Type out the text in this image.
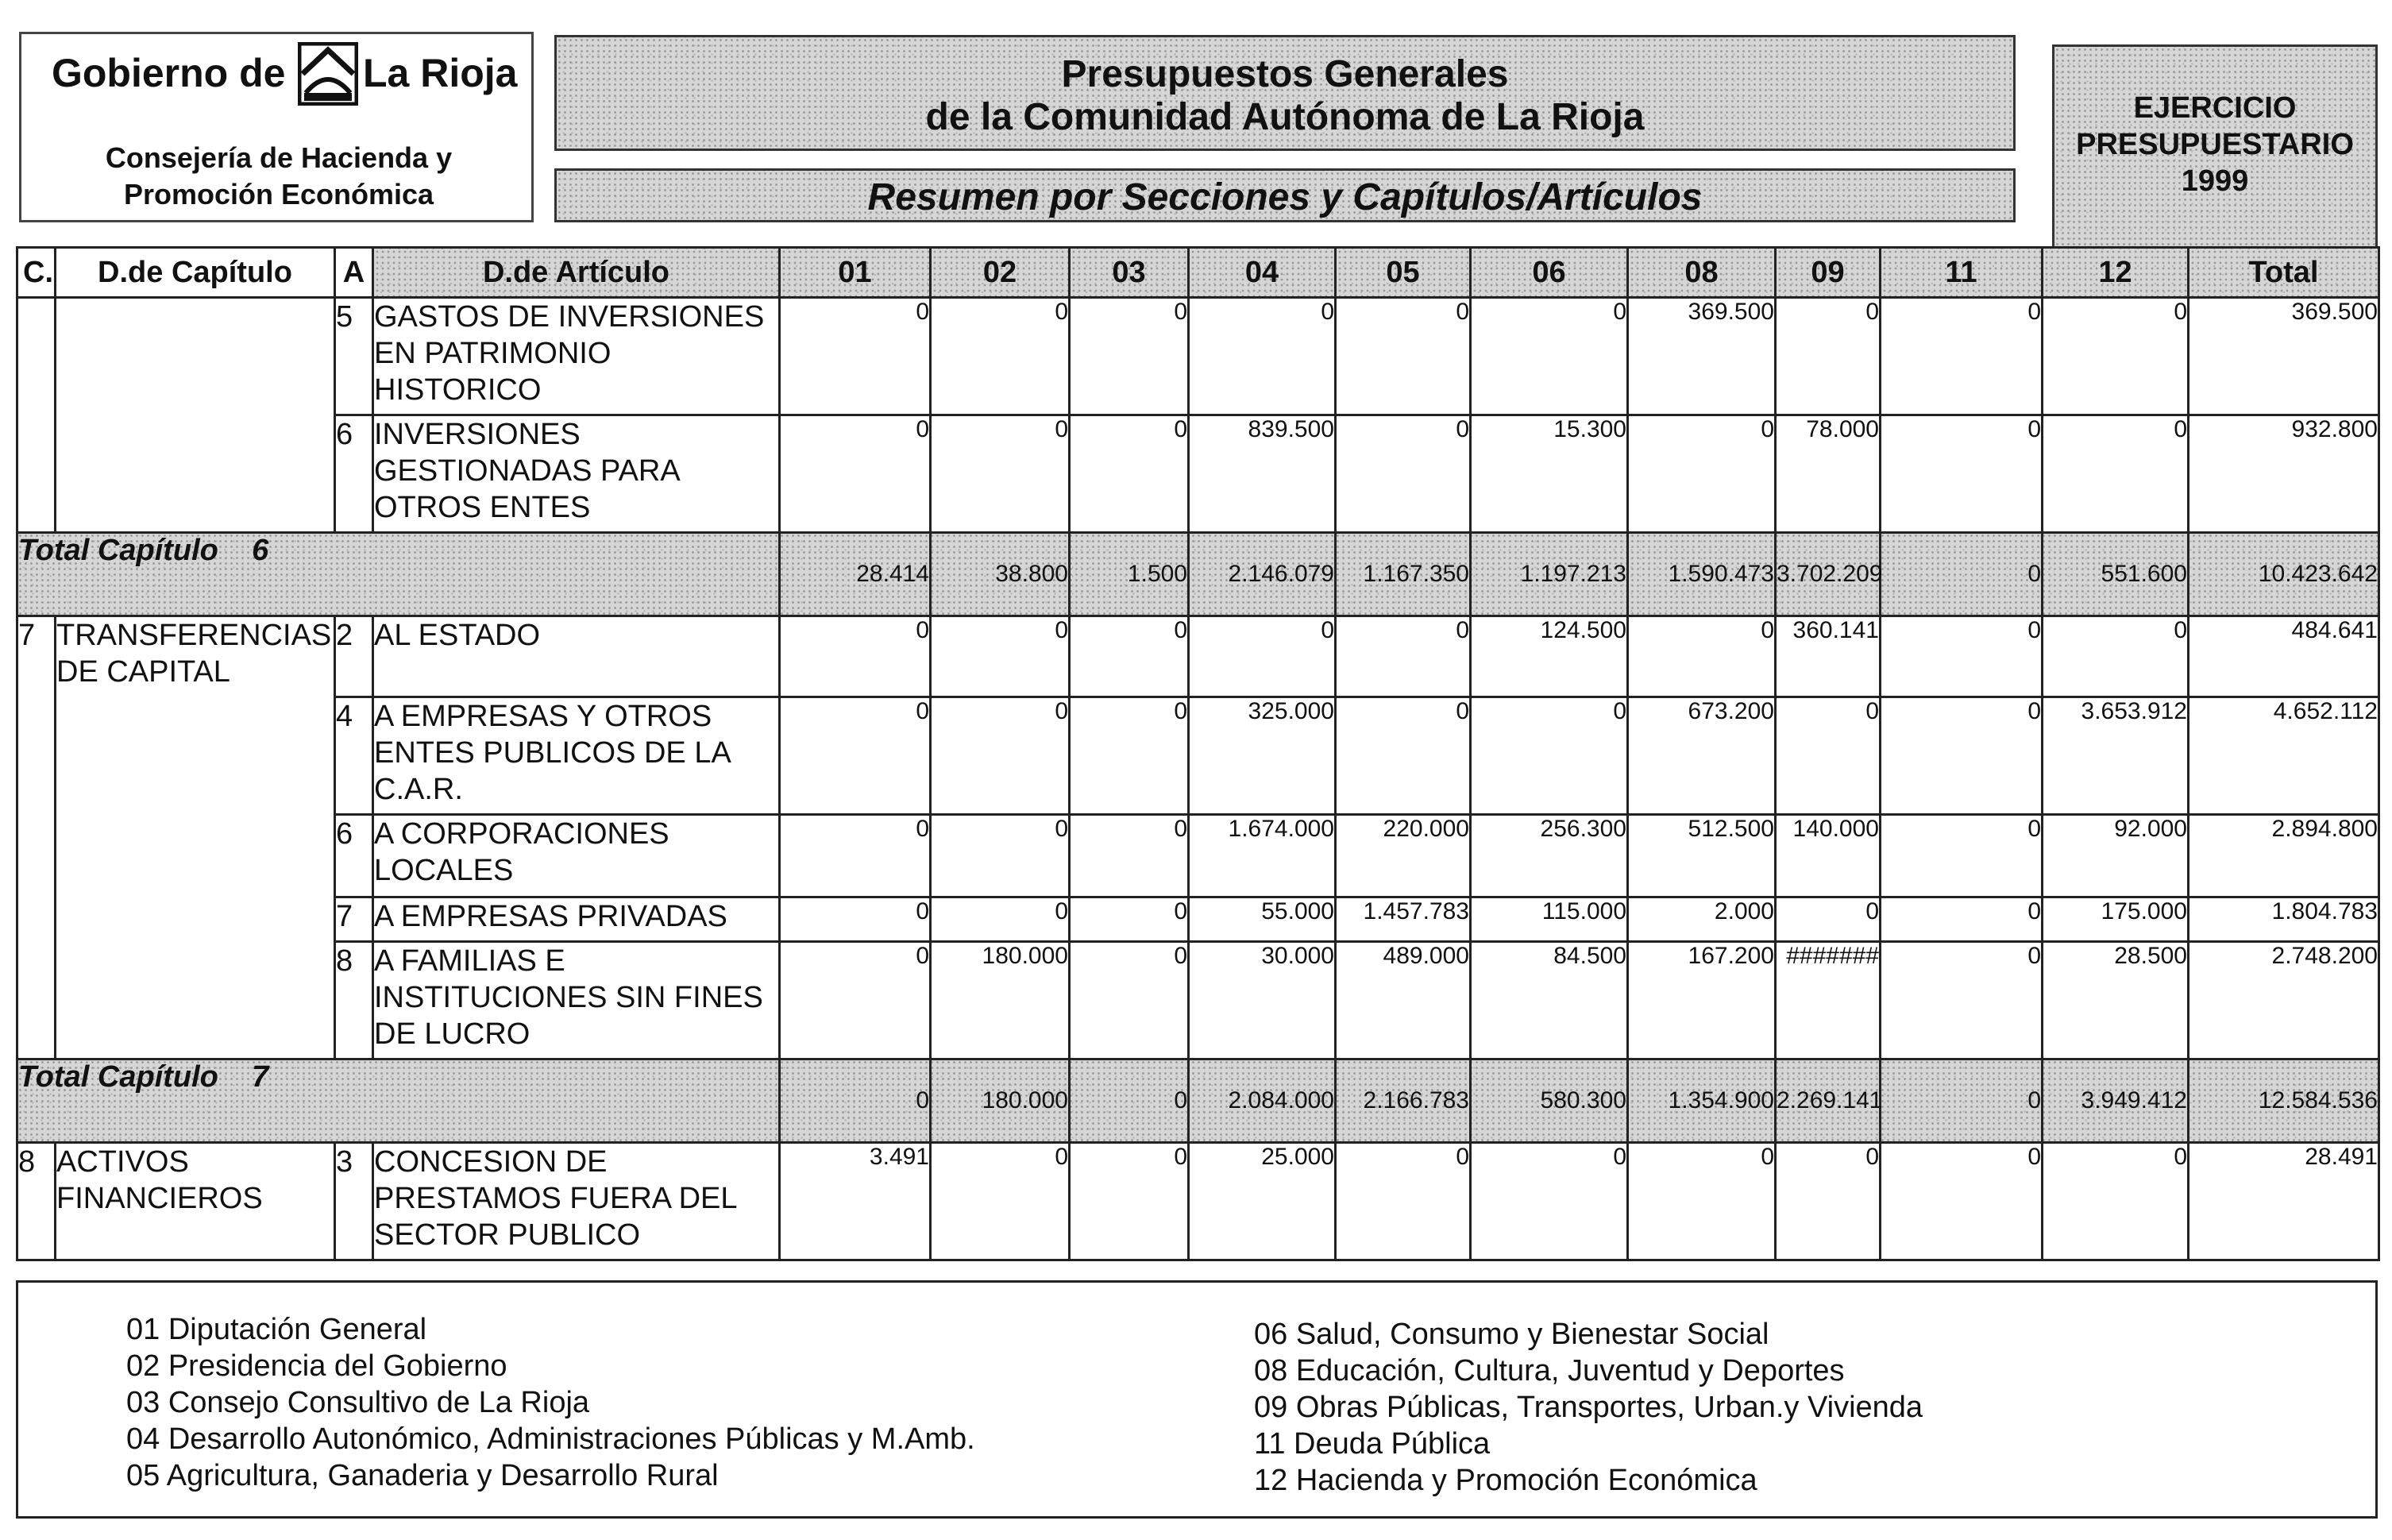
Gobierno de La Rioja
Consejería de Hacienda y
Promoción Económica
Presupuestos Generales
de la Comunidad Autónoma de La Rioja
Resumen por Secciones y Capítulos/Artículos
EJERCICIO
PRESUPUESTARIO
1999
C.	D.de Capítulo	A	D.de Artículo	01	02	03	04	05	06	08	09	11	12	Total
		5	GASTOS DE INVERSIONES EN PATRIMONIO HISTORICO	0	0	0	0	0	0	369.500	0	0	0	369.500
		6	INVERSIONES GESTIONADAS PARA OTROS ENTES	0	0	0	839.500	0	15.300	0	78.000	0	0	932.800
Total Capítulo 6				28.414	38.800	1.500	2.146.079	1.167.350	1.197.213	1.590.473	3.702.209	0	551.600	10.423.642
7	TRANSFERENCIAS DE CAPITAL	2	AL ESTADO	0	0	0	0	0	124.500	0	360.141	0	0	484.641
		4	A EMPRESAS Y OTROS ENTES PUBLICOS DE LA C.A.R.	0	0	0	325.000	0	0	673.200	0	0	3.653.912	4.652.112
		6	A CORPORACIONES LOCALES	0	0	0	1.674.000	220.000	256.300	512.500	140.000	0	92.000	2.894.800
		7	A EMPRESAS PRIVADAS	0	0	0	55.000	1.457.783	115.000	2.000	0	0	175.000	1.804.783
		8	A FAMILIAS E INSTITUCIONES SIN FINES DE LUCRO	0	180.000	0	30.000	489.000	84.500	167.200	#######	0	28.500	2.748.200
Total Capítulo 7				0	180.000	0	2.084.000	2.166.783	580.300	1.354.900	2.269.141	0	3.949.412	12.584.536
8	ACTIVOS FINANCIEROS	3	CONCESION DE PRESTAMOS FUERA DEL SECTOR PUBLICO	3.491	0	0	25.000	0	0	0	0	0	0	28.491
01 Diputación General
02 Presidencia del Gobierno
03 Consejo Consultivo de La Rioja
04 Desarrollo Autonómico, Administraciones Públicas y M.Amb.
05 Agricultura, Ganaderia y Desarrollo Rural
06 Salud, Consumo y Bienestar Social
08 Educación, Cultura, Juventud y Deportes
09 Obras Públicas, Transportes, Urban.y Vivienda
11 Deuda Pública
12 Hacienda y Promoción Económica
